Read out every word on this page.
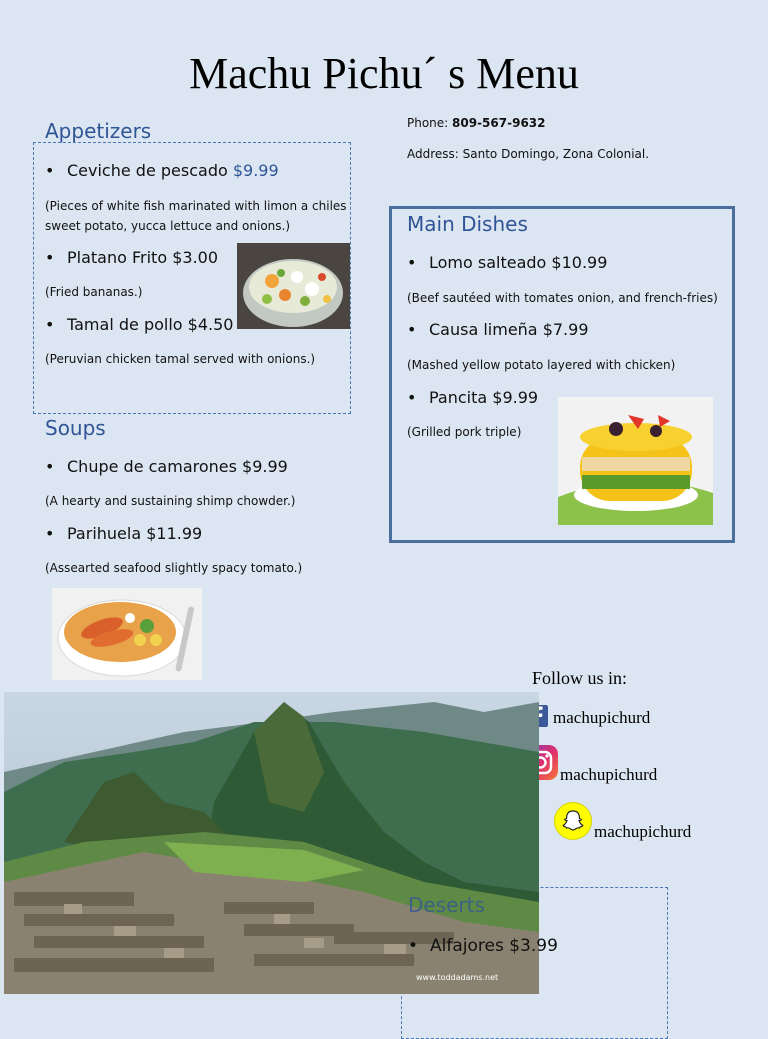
Machu Pichu´ s Menu
Phone: 809-567-9632
Address: Santo Domingo, Zona Colonial.
Appetizers
• Ceviche de pescado $9.99
(Pieces of white fish marinated with limon a chiles sweet potato, yucca lettuce and onions.)
• Platano Frito $3.00
(Fried bananas.)
• Tamal de pollo $4.50
(Peruvian chicken tamal served with onions.)
Soups
• Chupe de camarones $9.99
(A hearty and sustaining shimp chowder.)
• Parihuela $11.99
(Assearted seafood slightly spacy tomato.)
Main Dishes
• Lomo salteado $10.99
(Beef sautéed with tomates onion, and french-fries)
• Causa limeña $7.99
(Mashed yellow potato layered with chicken)
• Pancita $9.99
(Grilled pork triple)
Follow us in:
machupichurd
machupichurd
machupichurd
www.toddadams.net
Deserts
• Alfajores $3.99
